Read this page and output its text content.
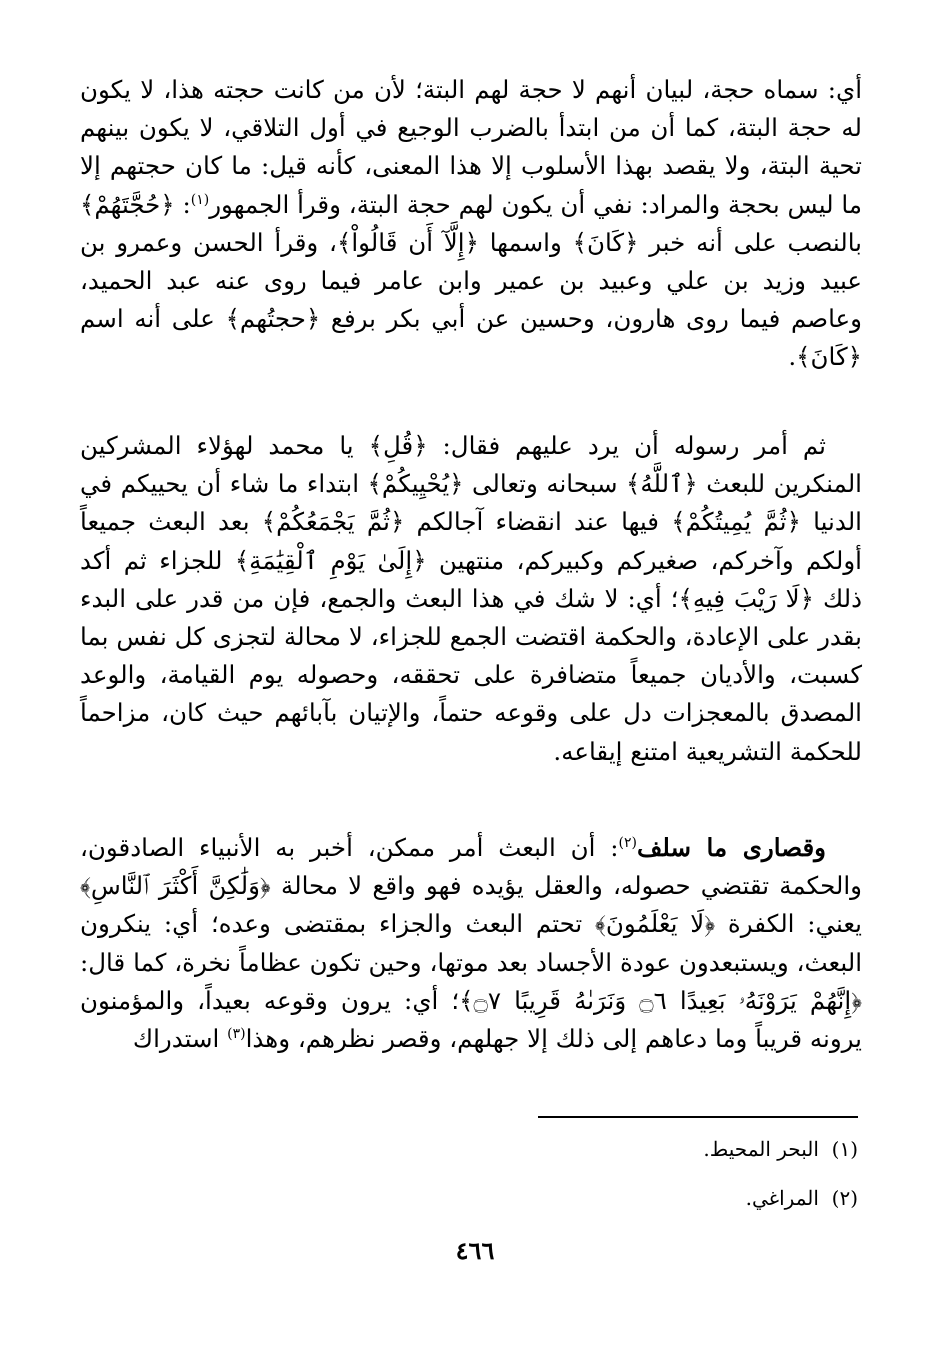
أي: سماه حجة، لبيان أنهم لا حجة لهم البتة؛ لأن من كانت حجته هذا، لا يكون له حجة البتة، كما أن من ابتدأ بالضرب الوجيع في أول التلاقي، لا يكون بينهم تحية البتة، ولا يقصد بهذا الأسلوب إلا هذا المعنى، كأنه قيل: ما كان حجتهم إلا ما ليس بحجة والمراد: نفي أن يكون لهم حجة البتة، وقرأ الجمهور$^{(١)}$: ﴿حُجَّتَهُمْ﴾ بالنصب على أنه خبر ﴿كَانَ﴾ واسمها ﴿إِلَّآ أَن قَالُواْ﴾، وقرأ الحسن وعمرو بن عبيد وزيد بن علي وعبيد بن عمير وابن عامر فيما روى عنه عبد الحميد، وعاصم فيما روى هارون، وحسين عن أبي بكر برفع ﴿حجتُهم﴾ على أنه اسم ﴿كَانَ﴾.
ثم أمر رسوله أن يرد عليهم فقال: ﴿قُلِ﴾ يا محمد لهؤلاء المشركين المنكرين للبعث ﴿ٱللَّهُ﴾ سبحانه وتعالى ﴿يُحْيِيكُمْ﴾ ابتداء ما شاء أن يحييكم في الدنيا ﴿ثُمَّ يُمِيتُكُمْ﴾ فيها عند انقضاء آجالكم ﴿ثُمَّ يَجْمَعُكُمْ﴾ بعد البعث جميعاً أولكم وآخركم، صغيركم وكبيركم، منتهين ﴿إِلَىٰ يَوْمِ ٱلْقِيَٰمَةِ﴾ للجزاء ثم أكد ذلك ﴿لَا رَيْبَ فِيهِ﴾؛ أي: لا شك في هذا البعث والجمع، فإن من قدر على البدء بقدر على الإعادة، والحكمة اقتضت الجمع للجزاء، لا محالة لتجزى كل نفس بما كسبت، والأديان جميعاً متضافرة على تحققه، وحصوله يوم القيامة، والوعد المصدق بالمعجزات دل على وقوعه حتماً، والإتيان بآبائهم حيث كان، مزاحماً للحكمة التشريعية امتنع إيقاعه.
وقصارى ما سلف$^{(٢)}$: أن البعث أمر ممكن، أخبر به الأنبياء الصادقون، والحكمة تقتضي حصوله، والعقل يؤيده فهو واقع لا محالة ﴿وَلَٰكِنَّ أَكْثَرَ ٱلنَّاسِ﴾ يعني: الكفرة ﴿لَا يَعْلَمُونَ﴾ تحتم البعث والجزاء بمقتضى وعده؛ أي: ينكرون البعث، ويستبعدون عودة الأجساد بعد موتها، وحين تكون عظاماً نخرة، كما قال: ﴿إِنَّهُمْ يَرَوْنَهُۥ بَعِيدًا ۝٦ وَنَرَىٰهُ قَرِيبًا ۝٧﴾؛ أي: يرون وقوعه بعيداً، والمؤمنون يرونه قريباً وما دعاهم إلى ذلك إلا جهلهم، وقصر نظرهم، وهذا$^{(٣)}$ استدراك
(١)  البحر المحيط.
(٢)  المراغي.
٤٦٦
